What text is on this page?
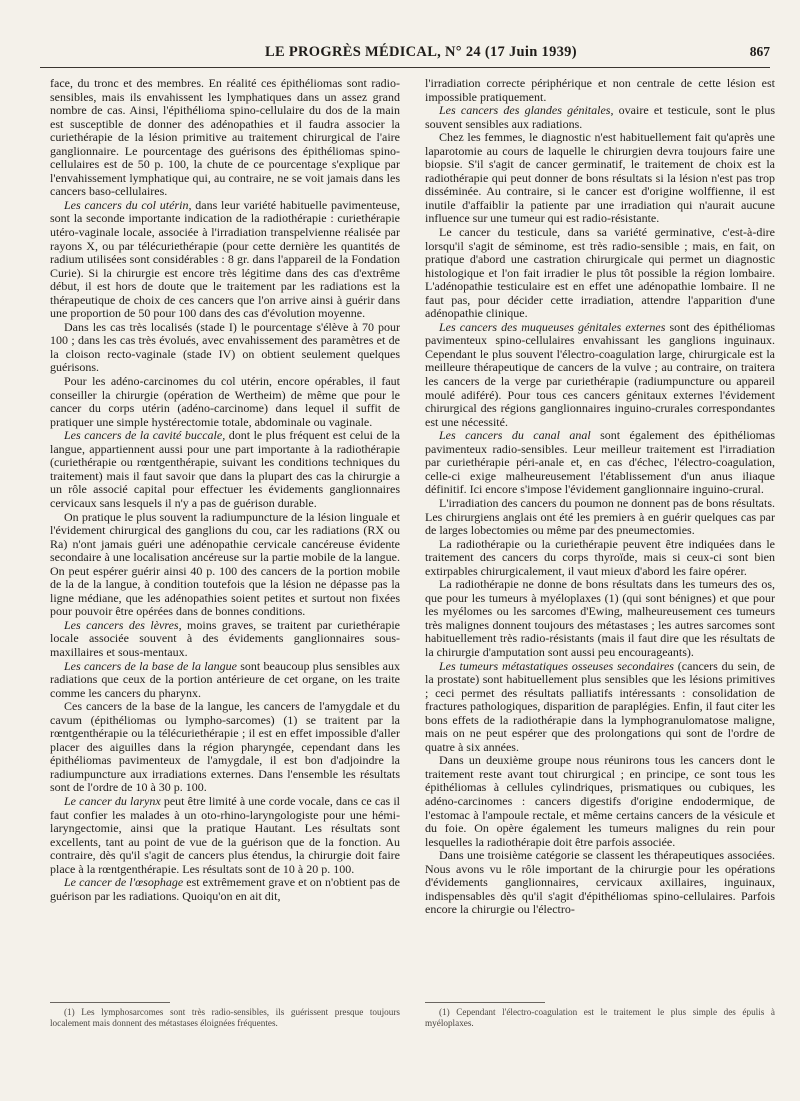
LE PROGRÈS MÉDICAL, N° 24 (17 Juin 1939)	867

face, du tronc et des membres. En réalité ces épithéliomas sont radio-sensibles, mais ils envahissent les lymphatiques dans un assez grand nombre de cas. Ainsi, l'épithélioma spino-cellulaire du dos de la main est susceptible de donner des adénopathies et il faudra associer la curiethérapie de la lésion primitive au traitement chirurgical de l'aire ganglionnaire. Le pourcentage des guérisons des épithéliomas spino-cellulaires est de 50 p. 100, la chute de ce pourcentage s'explique par l'envahissement lymphatique qui, au contraire, ne se voit jamais dans les cancers baso-cellulaires.

Les cancers du col utérin, dans leur variété habituelle pavimenteuse, sont la seconde importante indication de la radiothérapie : curiethérapie utéro-vaginale locale, associée à l'irradiation transpelvienne réalisée par rayons X, ou par télécuriethérapie (pour cette dernière les quantités de radium utilisées sont considérables : 8 gr. dans l'appareil de la Fondation Curie). Si la chirurgie est encore très légitime dans des cas d'extrême début, il est hors de doute que le traitement par les radiations est la thérapeutique de choix de ces cancers que l'on arrive ainsi à guérir dans une proportion de 50 pour 100 dans des cas d'évolution moyenne.

Dans les cas très localisés (stade I) le pourcentage s'élève à 70 pour 100 ; dans les cas très évolués, avec envahissement des paramètres et de la cloison recto-vaginale (stade IV) on obtient seulement quelques guérisons.

Pour les adéno-carcinomes du col utérin, encore opérables, il faut conseiller la chirurgie (opération de Wertheim) de même que pour le cancer du corps utérin (adéno-carcinome) dans lequel il suffit de pratiquer une simple hystérectomie totale, abdominale ou vaginale.

Les cancers de la cavité buccale, dont le plus fréquent est celui de la langue, appartiennent aussi pour une part importante à la radiothérapie (curiethérapie ou rœntgenthérapie, suivant les conditions techniques du traitement) mais il faut savoir que dans la plupart des cas la chirurgie a un rôle associé capital pour effectuer les évidements ganglionnaires cervicaux sans lesquels il n'y a pas de guérison durable.

On pratique le plus souvent la radiumpuncture de la lésion linguale et l'évidement chirurgical des ganglions du cou, car les radiations (RX ou Ra) n'ont jamais guéri une adénopathie cervicale cancéreuse évidente secondaire à une localisation ancéreuse sur la partie mobile de la langue. On peut espérer guérir ainsi 40 p. 100 des cancers de la portion mobile de la de la langue, à condition toutefois que la lésion ne dépasse pas la ligne médiane, que les adénopathies soient petites et surtout non fixées pour pouvoir être opérées dans de bonnes conditions.

Les cancers des lèvres, moins graves, se traitent par curiethérapie locale associée souvent à des évidements ganglionnaires sous-maxillaires et sous-mentaux.

Les cancers de la base de la langue sont beaucoup plus sensibles aux radiations que ceux de la portion antérieure de cet organe, on les traite comme les cancers du pharynx.

Ces cancers de la base de la langue, les cancers de l'amygdale et du cavum (épithéliomas ou lympho-sarcomes) (1) se traitent par la rœntgenthérapie ou la télécuriethérapie ; il est en effet impossible d'aller placer des aiguilles dans la région pharyngée, cependant dans les épithéliomas pavimenteux de l'amygdale, il est bon d'adjoindre la radiumpuncture aux irradiations externes. Dans l'ensemble les résultats sont de l'ordre de 10 à 30 p. 100.

Le cancer du larynx peut être limité à une corde vocale, dans ce cas il faut confier les malades à un oto-rhino-laryngologiste pour une hémi-laryngectomie, ainsi que la pratique Hautant. Les résultats sont excellents, tant au point de vue de la guérison que de la fonction. Au contraire, dès qu'il s'agit de cancers plus étendus, la chirurgie doit faire place à la rœntgenthérapie. Les résultats sont de 10 à 20 p. 100.

Le cancer de l'œsophage est extrêmement grave et on n'obtient pas de guérison par les radiations. Quoiqu'on en ait dit,

l'irradiation correcte périphérique et non centrale de cette lésion est impossible pratiquement.

Les cancers des glandes génitales, ovaire et testicule, sont le plus souvent sensibles aux radiations.

Chez les femmes, le diagnostic n'est habituellement fait qu'après une laparotomie au cours de laquelle le chirurgien devra toujours faire une biopsie. S'il s'agit de cancer germinatif, le traitement de choix est la radiothérapie qui peut donner de bons résultats si la lésion n'est pas trop disséminée. Au contraire, si le cancer est d'origine wolffienne, il est inutile d'affaiblir la patiente par une irradiation qui n'aurait aucune influence sur une tumeur qui est radio-résistante.

Le cancer du testicule, dans sa variété germinative, c'est-à-dire lorsqu'il s'agit de séminome, est très radio-sensible ; mais, en fait, on pratique d'abord une castration chirurgicale qui permet un diagnostic histologique et l'on fait irradier le plus tôt possible la région lombaire. L'adénopathie testiculaire est en effet une adénopathie lombaire. Il ne faut pas, pour décider cette irradiation, attendre l'apparition d'une adénopathie clinique.

Les cancers des muqueuses génitales externes sont des épithéliomas pavimenteux spino-cellulaires envahissant les ganglions inguinaux. Cependant le plus souvent l'électro-coagulation large, chirurgicale est la meilleure thérapeutique de cancers de la vulve ; au contraire, on traitera les cancers de la verge par curiethérapie (radiumpuncture ou appareil moulé adiféré). Pour tous ces cancers génitaux externes l'évidement chirurgical des régions ganglionnaires inguino-crurales correspondantes est une nécessité.

Les cancers du canal anal sont également des épithéliomas pavimenteux radio-sensibles. Leur meilleur traitement est l'irradiation par curiethérapie péri-anale et, en cas d'échec, l'électro-coagulation, celle-ci exige malheureusement l'établissement d'un anus iliaque définitif. Ici encore s'impose l'évidement ganglionnaire inguino-crural.

L'irradiation des cancers du poumon ne donnent pas de bons résultats. Les chirurgiens anglais ont été les premiers à en guérir quelques cas par de larges lobectomies ou même par des pneumectomies.

La radiothérapie ou la curiethérapie peuvent être indiquées dans le traitement des cancers du corps thyroïde, mais si ceux-ci sont bien extirpables chirurgicalement, il vaut mieux d'abord les faire opérer.

La radiothérapie ne donne de bons résultats dans les tumeurs des os, que pour les tumeurs à myéloplaxes (1) (qui sont bénignes) et que pour les myélomes ou les sarcomes d'Ewing, malheureusement ces tumeurs très malignes donnent toujours des métastases ; les autres sarcomes sont habituellement très radio-résistants (mais il faut dire que les résultats de la chirurgie d'amputation sont aussi peu encourageants).

Les tumeurs métastatiques osseuses secondaires (cancers du sein, de la prostate) sont habituellement plus sensibles que les lésions primitives ; ceci permet des résultats palliatifs intéressants : consolidation de fractures pathologiques, disparition de paraplégies. Enfin, il faut citer les bons effets de la radiothérapie dans la lymphogranulomatose maligne, mais on ne peut espérer que des prolongations qui sont de l'ordre de quatre à six années.

Dans un deuxième groupe nous réunirons tous les cancers dont le traitement reste avant tout chirurgical ; en principe, ce sont tous les épithéliomas à cellules cylindriques, prismatiques ou cubiques, les adéno-carcinomes : cancers digestifs d'origine endodermique, de l'estomac à l'ampoule rectale, et même certains cancers de la vésicule et du foie. On opère également les tumeurs malignes du rein pour lesquelles la radiothérapie doit être parfois associée.

Dans une troisième catégorie se classent les thérapeutiques associées. Nous avons vu le rôle important de la chirurgie pour les opérations d'évidements ganglionnaires, cervicaux axillaires, inguinaux, indispensables dès qu'il s'agit d'épithéliomas spino-cellulaires. Parfois encore la chirurgie ou l'électro-

(1) Les lymphosarcomes sont très radio-sensibles, ils guérissent presque toujours localement mais donnent des métastases éloignées fréquentes.

(1) Cependant l'électro-coagulation est le traitement le plus simple des épulis à myéloplaxes.
